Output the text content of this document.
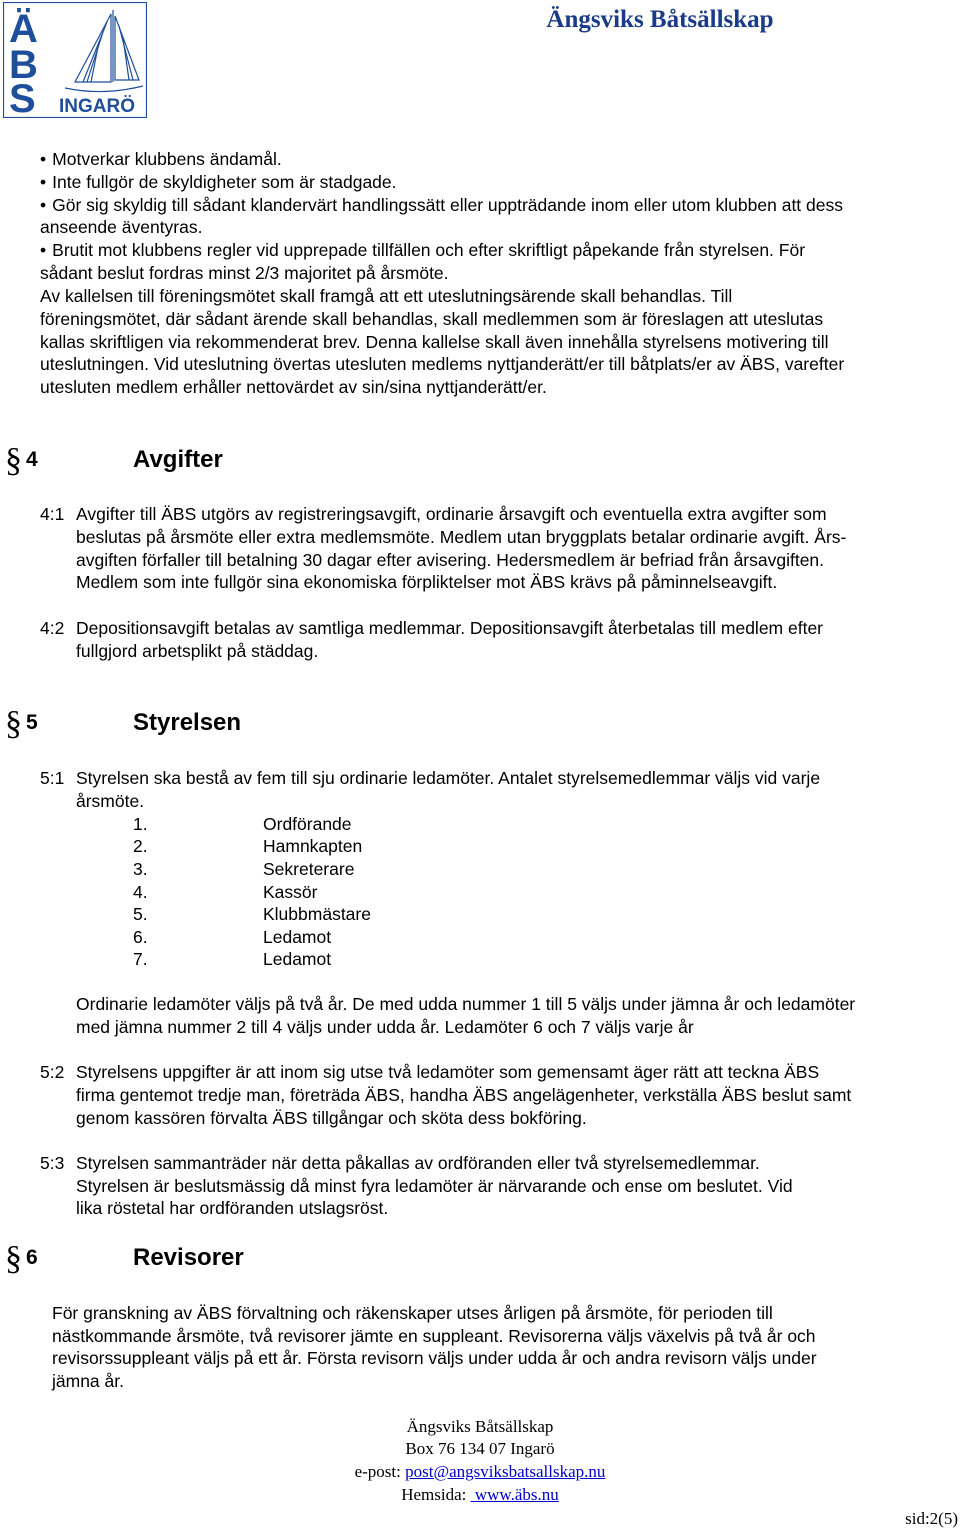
Ä
B
S INGARÖ
Ängsviks Båtsällskap
• Motverkar klubbens ändamål.
• Inte fullgör de skyldigheter som är stadgade.
• Gör sig skyldig till sådant klandervärt handlingssätt eller uppträdande inom eller utom klubben att dess
anseende äventyras.
• Brutit mot klubbens regler vid upprepade tillfällen och efter skriftligt påpekande från styrelsen. För
sådant beslut fordras minst 2/3 majoritet på årsmöte.
Av kallelsen till föreningsmötet skall framgå att ett uteslutningsärende skall behandlas. Till
föreningsmötet, där sådant ärende skall behandlas, skall medlemmen som är föreslagen att uteslutas
kallas skriftligen via rekommenderat brev. Denna kallelse skall även innehålla styrelsens motivering till
uteslutningen. Vid uteslutning övertas utesluten medlems nyttjanderätt/er till båtplats/er av ÄBS, varefter
utesluten medlem erhåller nettovärdet av sin/sina nyttjanderätt/er.
§ 4	Avgifter
4:1 Avgifter till ÄBS utgörs av registreringsavgift, ordinarie årsavgift och eventuella extra avgifter som
beslutas på årsmöte eller extra medlemsmöte. Medlem utan bryggplats betalar ordinarie avgift. Års-
avgiften förfaller till betalning 30 dagar efter avisering. Hedersmedlem är befriad från årsavgiften.
Medlem som inte fullgör sina ekonomiska förpliktelser mot ÄBS krävs på påminnelseavgift.
4:2 Depositionsavgift betalas av samtliga medlemmar. Depositionsavgift återbetalas till medlem efter
fullgjord arbetsplikt på städdag.
§ 5	Styrelsen
5:1 Styrelsen ska bestå av fem till sju ordinarie ledamöter. Antalet styrelsemedlemmar väljs vid varje
årsmöte.
1.	Ordförande
2.	Hamnkapten
3.	Sekreterare
4.	Kassör
5.	Klubbmästare
6.	Ledamot
7.	Ledamot
Ordinarie ledamöter väljs på två år. De med udda nummer 1 till 5 väljs under jämna år och ledamöter
med jämna nummer 2 till 4 väljs under udda år. Ledamöter 6 och 7 väljs varje år
5:2 Styrelsens uppgifter är att inom sig utse två ledamöter som gemensamt äger rätt att teckna ÄBS
firma gentemot tredje man, företräda ÄBS, handha ÄBS angelägenheter, verkställa ÄBS beslut samt
genom kassören förvalta ÄBS tillgångar och sköta dess bokföring.
5:3 Styrelsen sammanträder när detta påkallas av ordföranden eller två styrelsemedlemmar.
Styrelsen är beslutsmässig då minst fyra ledamöter är närvarande och ense om beslutet. Vid
lika röstetal har ordföranden utslagsröst.
§ 6	Revisorer
För granskning av ÄBS förvaltning och räkenskaper utses årligen på årsmöte, för perioden till
nästkommande årsmöte, två revisorer jämte en suppleant. Revisorerna väljs växelvis på två år och
revisorssuppleant väljs på ett år. Första revisorn väljs under udda år och andra revisorn väljs under
jämna år.
Ängsviks Båtsällskap
Box 76 134 07 Ingarö
e-post: post@angsviksbatsallskap.nu
Hemsida:  www.äbs.nu
sid:2(5)
